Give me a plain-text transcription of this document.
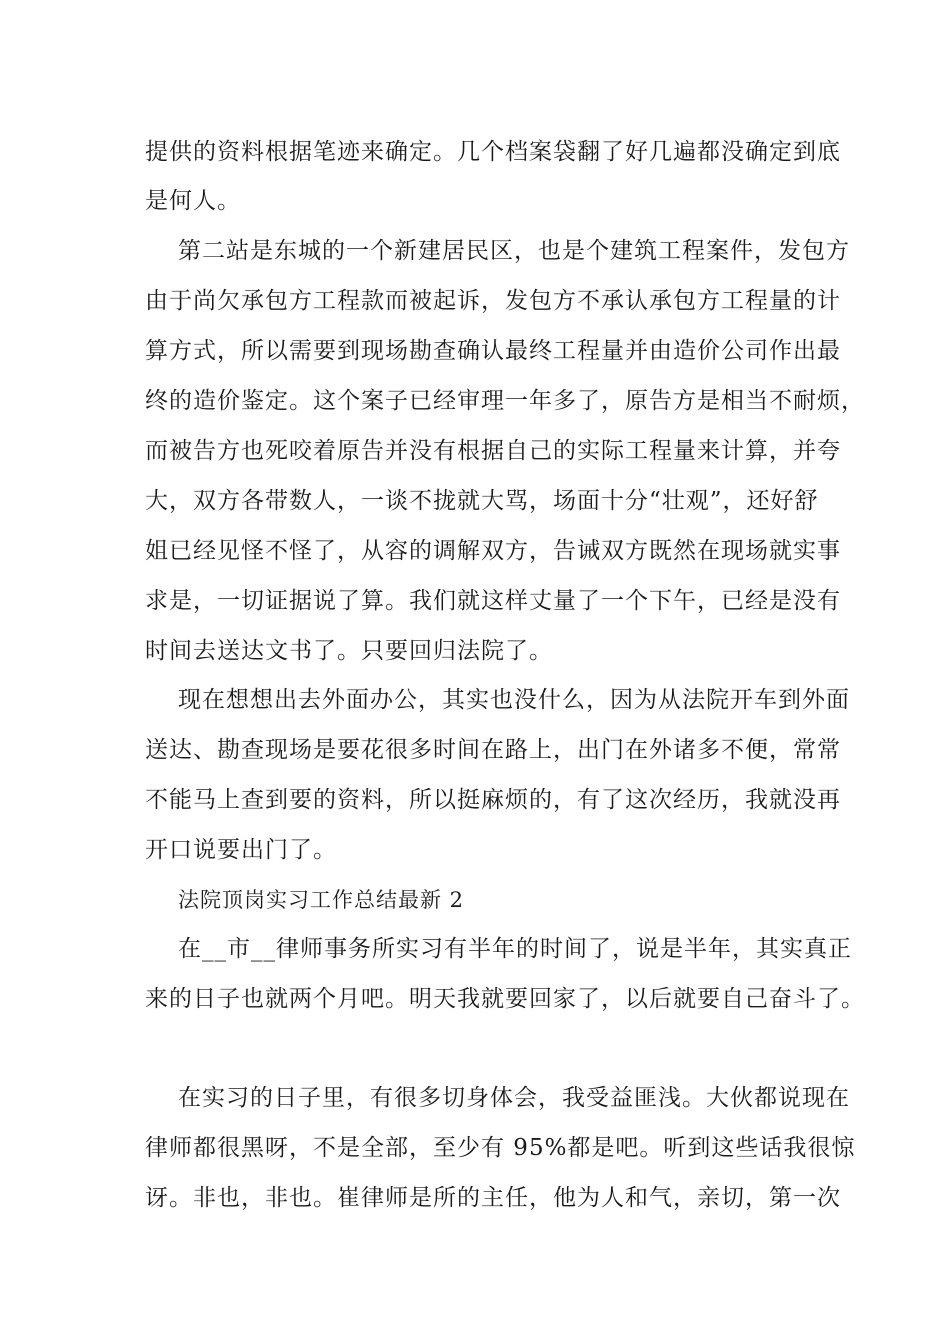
提供的资料根据笔迹来确定。几个档案袋翻了好几遍都没确定到底
是何人。
第二站是东城的一个新建居民区，也是个建筑工程案件，发包方
由于尚欠承包方工程款而被起诉，发包方不承认承包方工程量的计
算方式，所以需要到现场勘查确认最终工程量并由造价公司作出最
终的造价鉴定。这个案子已经审理一年多了，原告方是相当不耐烦，
而被告方也死咬着原告并没有根据自己的实际工程量来计算，并夸
大，双方各带数人，一谈不拢就大骂，场面十分“壮观”，还好舒
姐已经见怪不怪了，从容的调解双方，告诫双方既然在现场就实事
求是，一切证据说了算。我们就这样丈量了一个下午，已经是没有
时间去送达文书了。只要回归法院了。
现在想想出去外面办公，其实也没什么，因为从法院开车到外面
送达、勘查现场是要花很多时间在路上，出门在外诸多不便，常常
不能马上查到要的资料，所以挺麻烦的，有了这次经历，我就没再
开口说要出门了。
法院顶岗实习工作总结最新 2
在__市__律师事务所实习有半年的时间了，说是半年，其实真正
来的日子也就两个月吧。明天我就要回家了，以后就要自己奋斗了。
在实习的日子里，有很多切身体会，我受益匪浅。大伙都说现在
律师都很黑呀，不是全部，至少有 95%都是吧。听到这些话我很惊
讶。非也，非也。崔律师是所的主任，他为人和气，亲切，第一次
